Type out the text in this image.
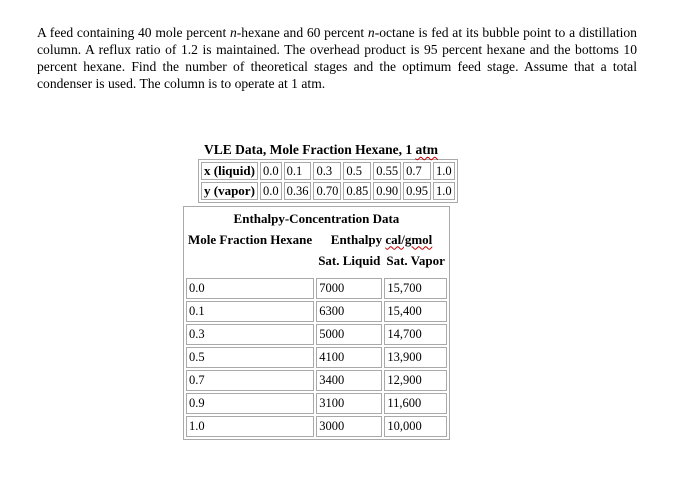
A feed containing 40 mole percent n-hexane and 60 percent n-octane is fed at its bubble point to a distillation column. A reflux ratio of 1.2 is maintained. The overhead product is 95 percent hexane and the bottoms 10 percent hexane. Find the number of theoretical stages and the optimum feed stage. Assume that a total condenser is used. The column is to operate at 1 atm.

VLE Data, Mole Fraction Hexane, 1 atm
x (liquid)	0.0	0.1	0.3	0.5	0.55	0.7	1.0
y (vapor)	0.0	0.36	0.70	0.85	0.90	0.95	1.0
Enthalpy-Concentration Data		
Mole Fraction Hexane	Enthalpy cal/gmol	
	Sat. Liquid	Sat. Vapor

0.0	7000	15,700
0.1	6300	15,400
0.3	5000	14,700
0.5	4100	13,900
0.7	3400	12,900
0.9	3100	11,600
1.0	3000	10,000
